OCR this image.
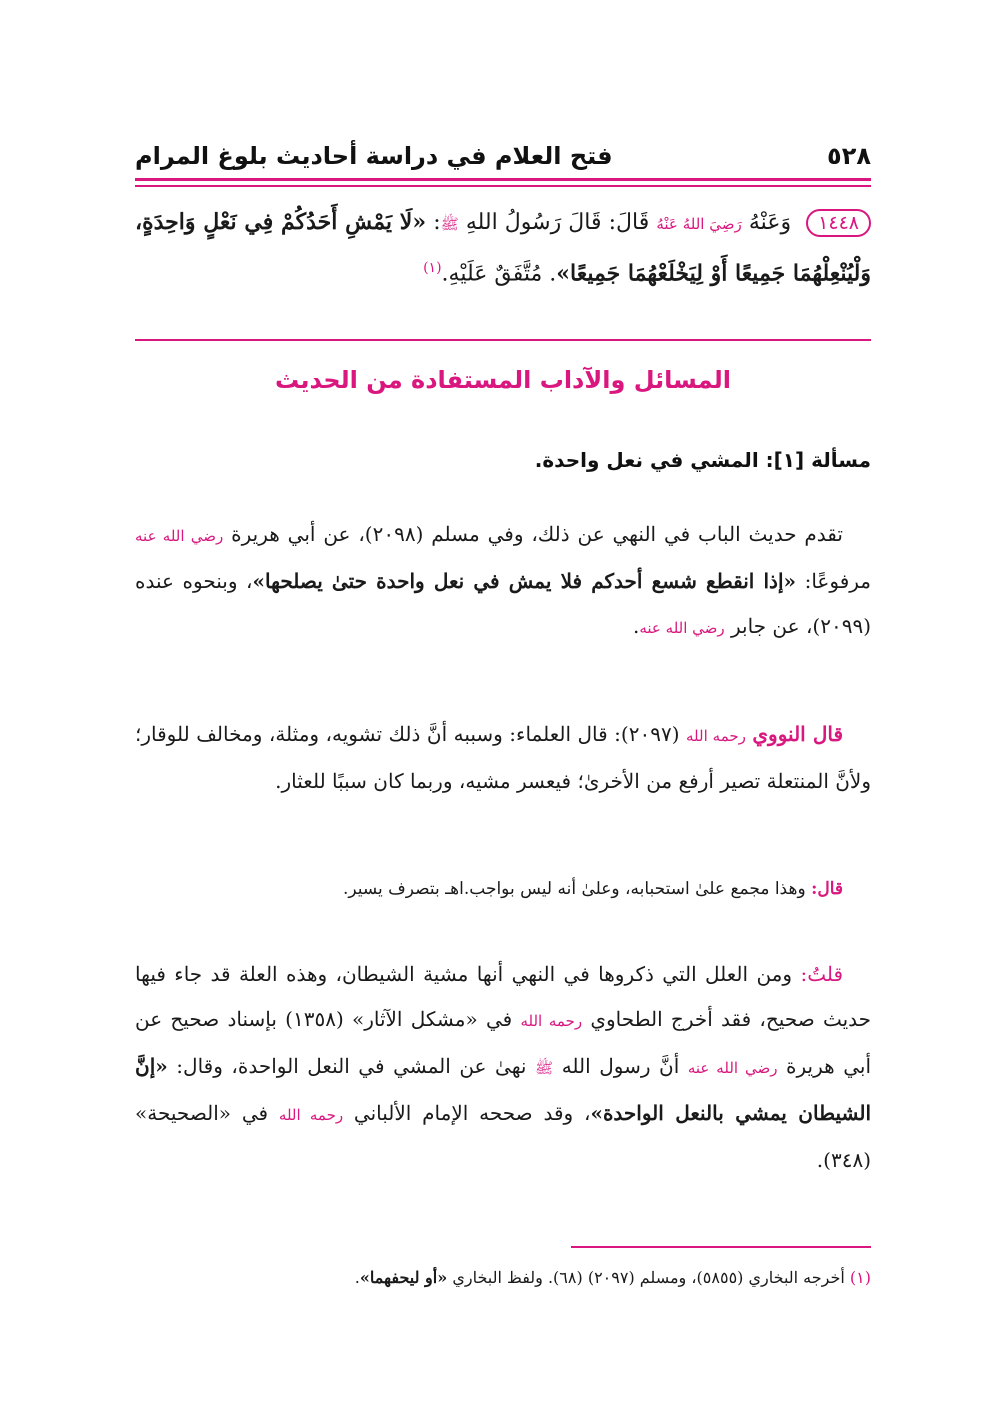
٥٢٨
فتح العلام في دراسة أحاديث بلوغ المرام
١٤٤٨ وَعَنْهُ رَضِيَ اللهُ عَنْهُ قَالَ: قَالَ رَسُولُ اللهِ ﷺ: «لَا يَمْشِ أَحَدُكُمْ فِي نَعْلٍ وَاحِدَةٍ، وَلْيُنْعِلْهُمَا جَمِيعًا أَوْ لِيَخْلَعْهُمَا جَمِيعًا». مُتَّفَقٌ عَلَيْهِ.$^{(١)}$
المسائل والآداب المستفادة من الحديث
مسألة [١]: المشي في نعل واحدة.
تقدم حديث الباب في النهي عن ذلك، وفي مسلم (٢٠٩٨)، عن أبي هريرة رضي الله عنه مرفوعًا: «إذا انقطع شسع أحدكم فلا يمش في نعل واحدة حتىٰ يصلحها»، وبنحوه عنده (٢٠٩٩)، عن جابر رضي الله عنه.
قال النووي رحمه الله (٢٠٩٧): قال العلماء: وسببه أنَّ ذلك تشويه، ومثلة، ومخالف للوقار؛ ولأنَّ المنتعلة تصير أرفع من الأخرىٰ؛ فيعسر مشيه، وربما كان سببًا للعثار.
قال: وهذا مجمع علىٰ استحبابه، وعلىٰ أنه ليس بواجب.اهـ بتصرف يسير.
قلتُ: ومن العلل التي ذكروها في النهي أنها مشية الشيطان، وهذه العلة قد جاء فيها حديث صحيح، فقد أخرج الطحاوي رحمه الله في «مشكل الآثار» (١٣٥٨) بإسناد صحيح عن أبي هريرة رضي الله عنه أنَّ رسول الله ﷺ نهىٰ عن المشي في النعل الواحدة، وقال: «إنَّ الشيطان يمشي بالنعل الواحدة»، وقد صححه الإمام الألباني رحمه الله في «الصحيحة» (٣٤٨).
(١) أخرجه البخاري (٥٨٥٥)، ومسلم (٢٠٩٧) (٦٨). ولفظ البخاري «أو ليحفهما».
